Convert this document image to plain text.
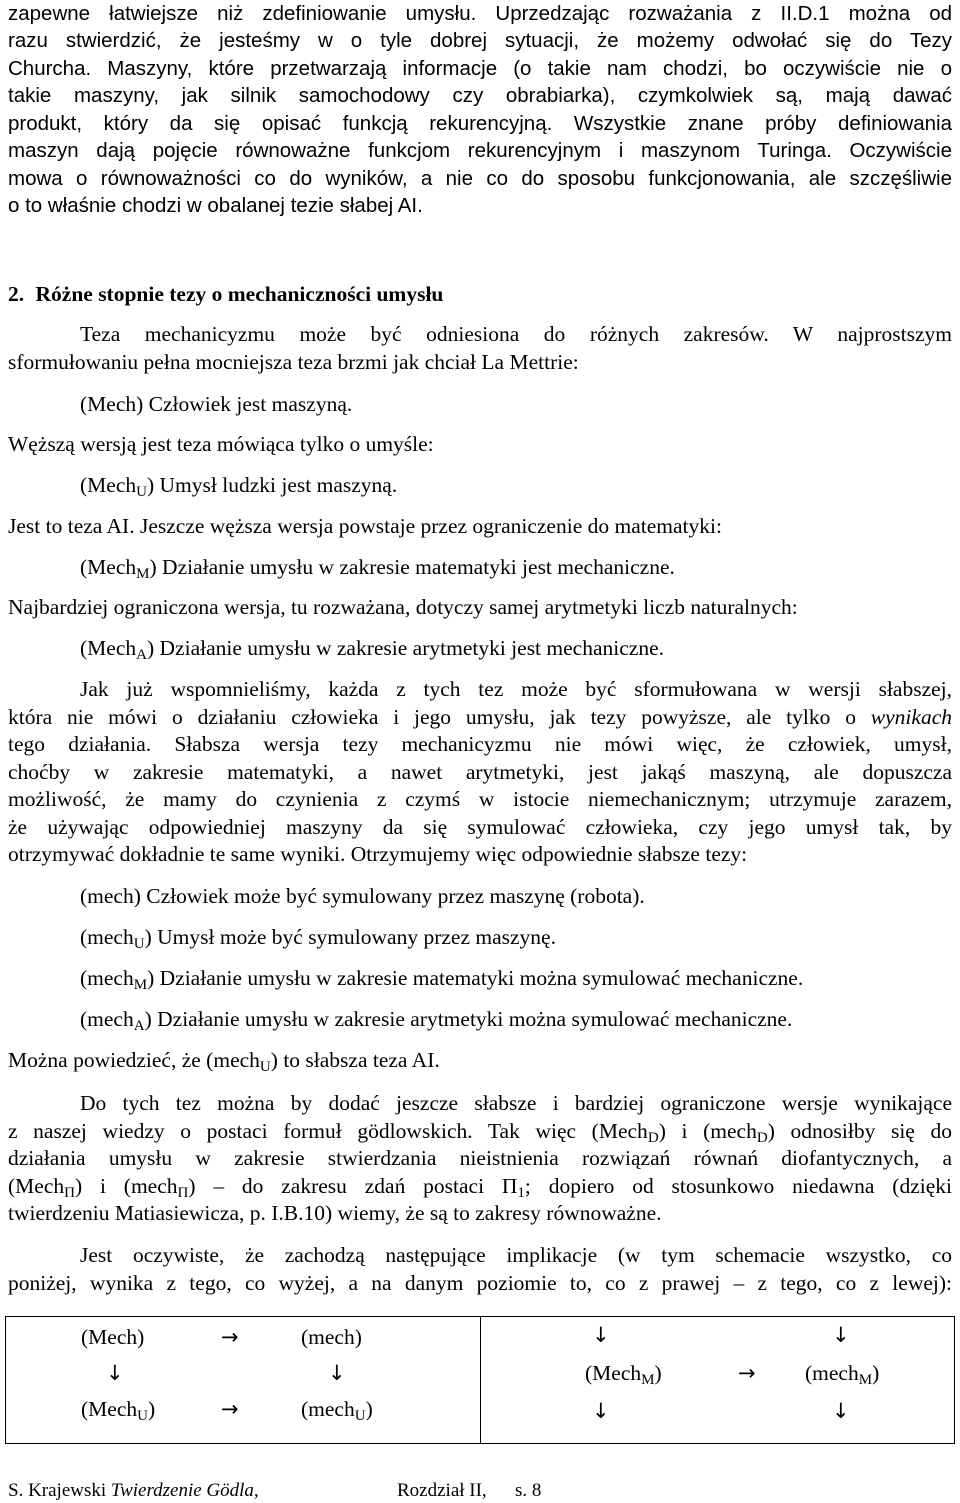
zapewne łatwiejsze niż zdefiniowanie umysłu. Uprzedzając rozważania z II.D.1 można od
razu stwierdzić, że jesteśmy w o tyle dobrej sytuacji, że możemy odwołać się do Tezy
Churcha. Maszyny, które przetwarzają informacje (o takie nam chodzi, bo oczywiście nie o
takie maszyny, jak silnik samochodowy czy obrabiarka), czymkolwiek są, mają dawać
produkt, który da się opisać funkcją rekurencyjną. Wszystkie znane próby definiowania
maszyn dają pojęcie równoważne funkcjom rekurencyjnym i maszynom Turinga. Oczywiście
mowa o równoważności co do wyników, a nie co do sposobu funkcjonowania, ale szczęśliwie
o to właśnie chodzi w obalanej tezie słabej AI.
2. Różne stopnie tezy o mechaniczności umysłu
Teza mechanicyzmu może być odniesiona do różnych zakresów. W najprostszym
sformułowaniu pełna mocniejsza teza brzmi jak chciał La Mettrie:
(Mech) Człowiek jest maszyną.
Węższą wersją jest teza mówiąca tylko o umyśle:
(Mech$_U$) Umysł ludzki jest maszyną.
Jest to teza AI. Jeszcze węższa wersja powstaje przez ograniczenie do matematyki:
(Mech$_M$) Działanie umysłu w zakresie matematyki jest mechaniczne.
Najbardziej ograniczona wersja, tu rozważana, dotyczy samej arytmetyki liczb naturalnych:
(Mech$_A$) Działanie umysłu w zakresie arytmetyki jest mechaniczne.
Jak już wspomnieliśmy, każda z tych tez może być sformułowana w wersji słabszej,
która nie mówi o działaniu człowieka i jego umysłu, jak tezy powyższe, ale tylko o wynikach
tego działania. Słabsza wersja tezy mechanicyzmu nie mówi więc, że człowiek, umysł,
choćby w zakresie matematyki, a nawet arytmetyki, jest jakąś maszyną, ale dopuszcza
możliwość, że mamy do czynienia z czymś w istocie niemechanicznym; utrzymuje zarazem,
że używając odpowiedniej maszyny da się symulować człowieka, czy jego umysł tak, by
otrzymywać dokładnie te same wyniki. Otrzymujemy więc odpowiednie słabsze tezy:
(mech) Człowiek może być symulowany przez maszynę (robota).
(mech$_U$) Umysł może być symulowany przez maszynę.
(mech$_M$) Działanie umysłu w zakresie matematyki można symulować mechaniczne.
(mech$_A$) Działanie umysłu w zakresie arytmetyki można symulować mechaniczne.
Można powiedzieć, że (mech$_U$) to słabsza teza AI.
Do tych tez można by dodać jeszcze słabsze i bardziej ograniczone wersje wynikające
z naszej wiedzy o postaci formuł gödlowskich. Tak więc (Mech$_D$) i (mech$_D$) odnosiłby się do
działania umysłu w zakresie stwierdzania nieistnienia rozwiązań równań diofantycznych, a
(Mech$_\Pi$) i (mech$_\Pi$) – do zakresu zdań postaci $\Pi_1$; dopiero od stosunkowo niedawna (dzięki
twierdzeniu Matiasiewicza, p. I.B.10) wiemy, że są to zakresy równoważne.
Jest oczywiste, że zachodzą następujące implikacje (w tym schemacie wszystko, co
poniżej, wynika z tego, co wyżej, a na danym poziomie to, co z prawej – z tego, co z lewej):
(Mech)	→	(mech)
↓	↓
(Mech$_U$)	→	(mech$_U$)
↓	↓
(Mech$_M$)	→ (mech$_M$)
↓	↓
S. Krajewski Twierdzenie Gödla,	Rozdział II, s. 8
